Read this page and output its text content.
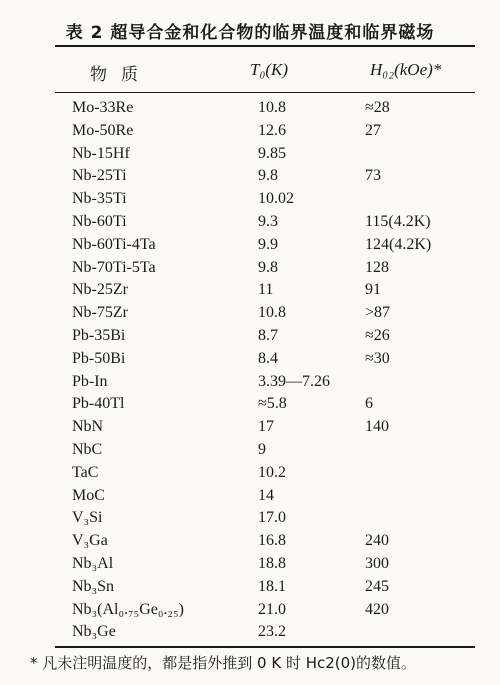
表 2 超导合金和化合物的临界温度和临界磁场
物质	T₀(K)	H₀₂(kOe)*
Mo-33Re	10.8	≈28
Mo-50Re	12.6	27
Nb-15Hf	9.85
Nb-25Ti	9.8	73
Nb-35Ti	10.02
Nb-60Ti	9.3	115(4.2K)
Nb-60Ti-4Ta	9.9	124(4.2K)
Nb-70Ti-5Ta	9.8	128
Nb-25Zr	11	91
Nb-75Zr	10.8	>87
Pb-35Bi	8.7	≈26
Pb-50Bi	8.4	≈30
Pb-In	3.39—7.26
Pb-40Tl	≈5.8	6
NbN	17	140
NbC	9
TaC	10.2
MoC	14
V₃Si	17.0
V₃Ga	16.8	240
Nb₃Al	18.8	300
Nb₃Sn	18.1	245
Nb₃(Al₀.₇₅Ge₀.₂₅)	21.0	420
Nb₃Ge	23.2
* 凡未注明温度的，都是指外推到 0 K 时 Hc2(0)的数值。
